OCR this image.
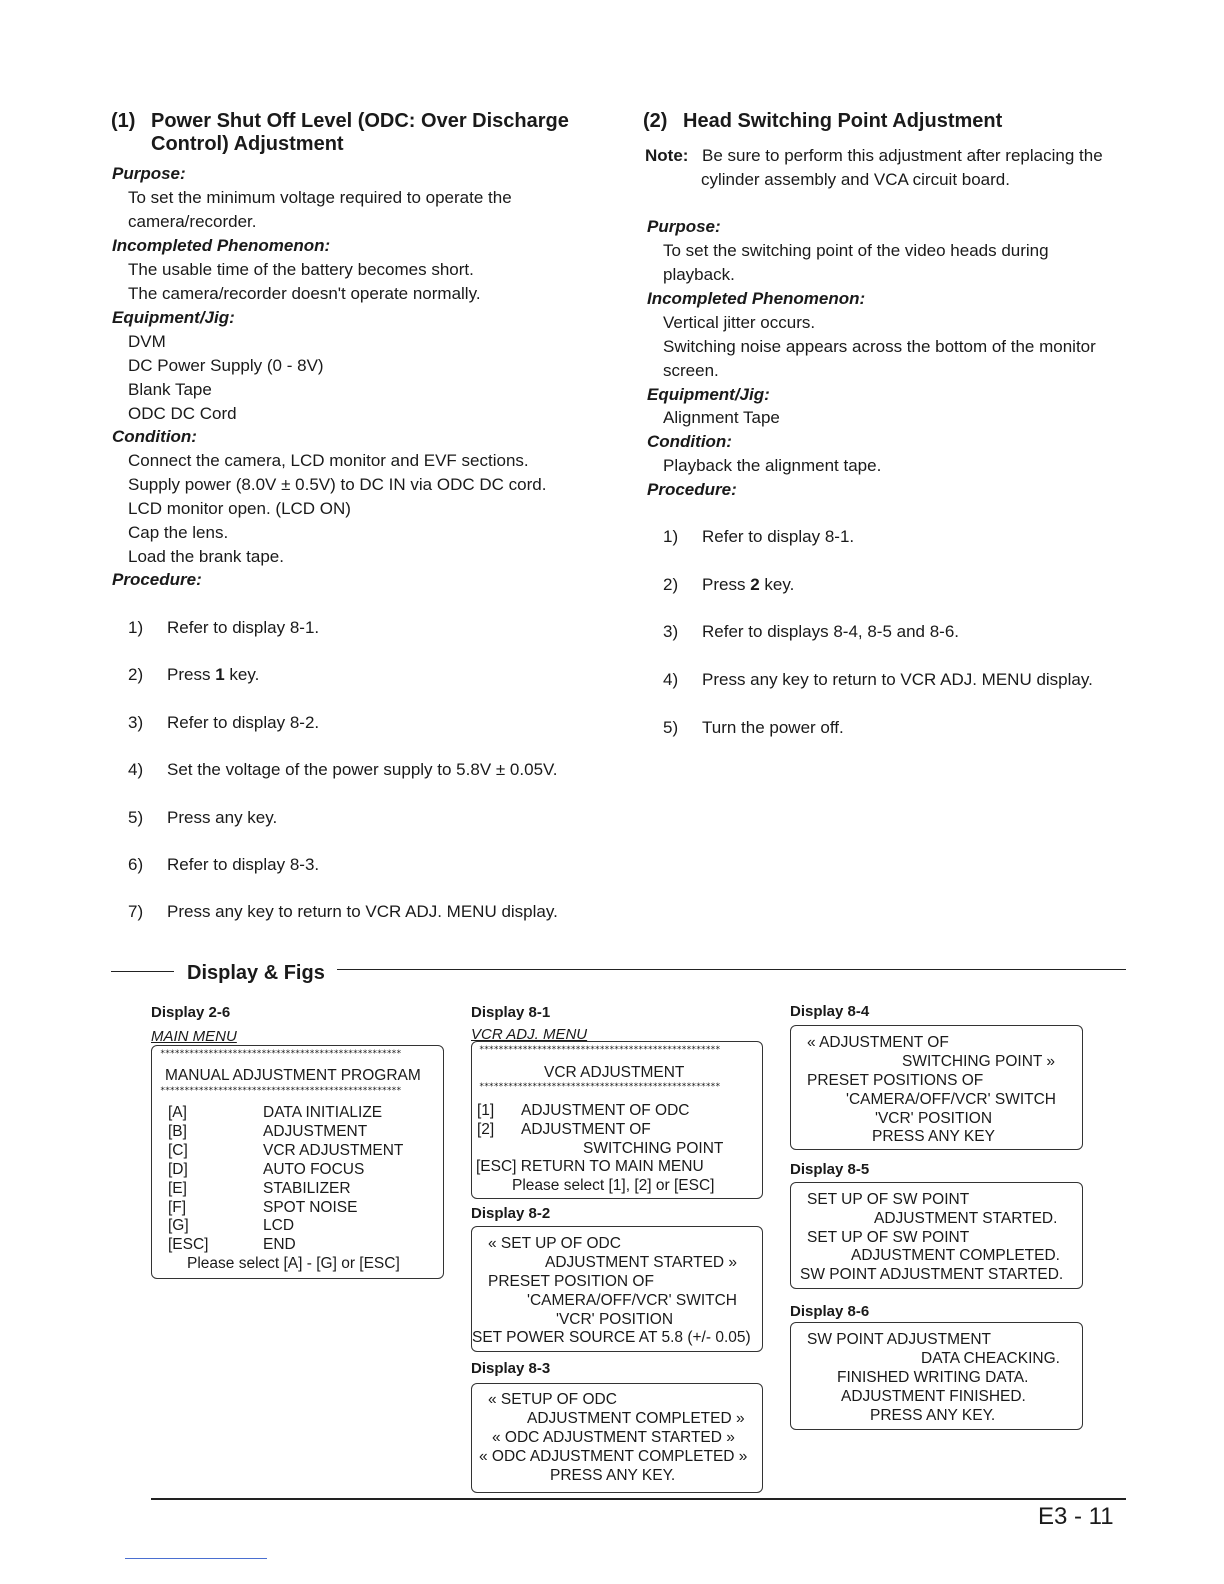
(1) Power Shut Off Level (ODC: Over Discharge
Control) Adjustment
Purpose:
To set the minimum voltage required to operate the
camera/recorder.
Incompleted Phenomenon:
The usable time of the battery becomes short.
The camera/recorder doesn't operate normally.
Equipment/Jig:
DVM
DC Power Supply (0 - 8V)
Blank Tape
ODC DC Cord
Condition:
Connect the camera, LCD monitor and EVF sections.
Supply power (8.0V ± 0.5V) to DC IN via ODC DC cord.
LCD monitor open. (LCD ON)
Cap the lens.
Load the brank tape.
Procedure:
1) Refer to display 8-1.
2) Press 1 key.
3) Refer to display 8-2.
4) Set the voltage of the power supply to 5.8V ± 0.05V.
5) Press any key.
6) Refer to display 8-3.
7) Press any key to return to VCR ADJ. MENU display.
(2) Head Switching Point Adjustment
Note: Be sure to perform this adjustment after replacing the
cylinder assembly and VCA circuit board.
Purpose:
To set the switching point of the video heads during
playback.
Incompleted Phenomenon:
Vertical jitter occurs.
Switching noise appears across the bottom of the monitor
screen.
Equipment/Jig:
Alignment Tape
Condition:
Playback the alignment tape.
Procedure:
1) Refer to display 8-1.
2) Press 2 key.
3) Refer to displays 8-4, 8-5 and 8-6.
4) Press any key to return to VCR ADJ. MENU display.
5) Turn the power off.
Display & Figs
Display 2-6
MAIN MENU
**************************************************
MANUAL ADJUSTMENT PROGRAM
**************************************************
[A]	DATA INITIALIZE
[B]	ADJUSTMENT
[C]	VCR ADJUSTMENT
[D]	AUTO FOCUS
[E]	STABILIZER
[F]	SPOT NOISE
[G]	LCD
[ESC]	END
Please select [A] - [G] or [ESC]
Display 8-1
VCR ADJ. MENU
**************************************************
VCR ADJUSTMENT
**************************************************
[1] ADJUSTMENT OF ODC
[2] ADJUSTMENT OF
SWITCHING POINT
[ESC] RETURN TO MAIN MENU
Please select [1], [2] or [ESC]
Display 8-2
« SET UP OF ODC
ADJUSTMENT STARTED »
PRESET POSITION OF
'CAMERA/OFF/VCR' SWITCH
'VCR' POSITION
SET POWER SOURCE AT 5.8 (+/- 0.05)
Display 8-3
« SETUP OF ODC
ADJUSTMENT COMPLETED »
« ODC ADJUSTMENT STARTED »
« ODC ADJUSTMENT COMPLETED »
PRESS ANY KEY.
Display 8-4
« ADJUSTMENT OF
SWITCHING POINT »
PRESET POSITIONS OF
'CAMERA/OFF/VCR' SWITCH
'VCR' POSITION
PRESS ANY KEY
Display 8-5
SET UP OF SW POINT
ADJUSTMENT STARTED.
SET UP OF SW POINT
ADJUSTMENT COMPLETED.
SW POINT ADJUSTMENT STARTED.
Display 8-6
SW POINT ADJUSTMENT
DATA CHEACKING.
FINISHED WRITING DATA.
ADJUSTMENT FINISHED.
PRESS ANY KEY.
E3 - 11
